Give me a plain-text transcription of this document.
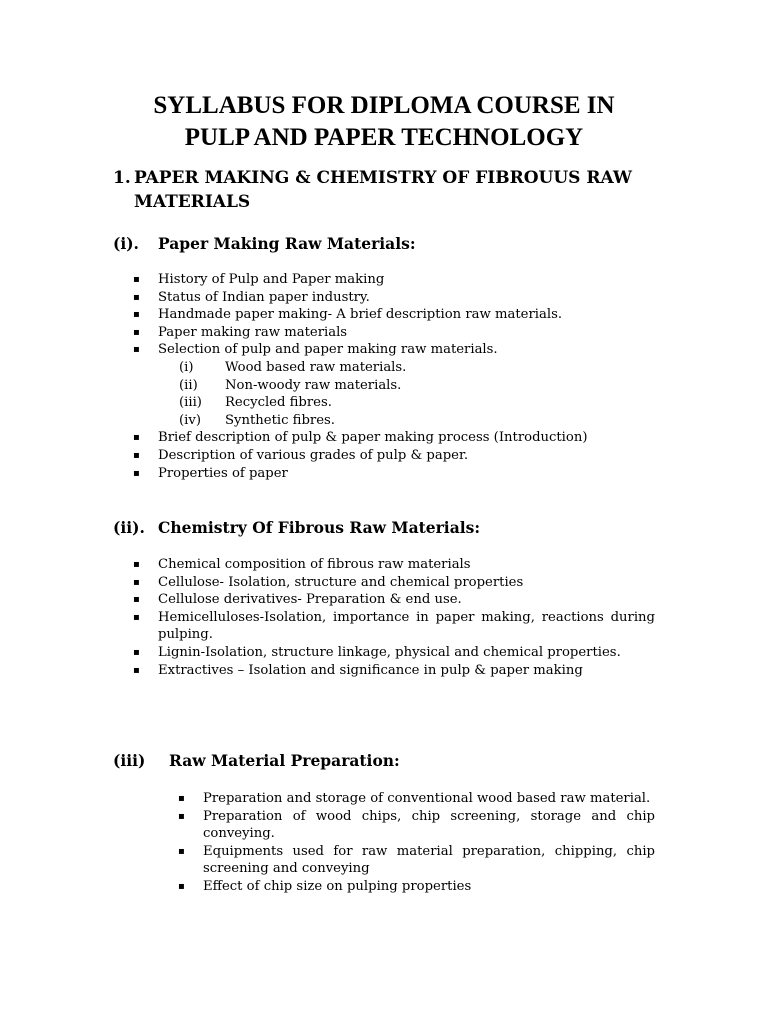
SYLLABUS FOR DIPLOMA COURSE IN
PULP AND PAPER TECHNOLOGY
1. PAPER MAKING & CHEMISTRY OF FIBROUUS RAW MATERIALS
(i). Paper Making Raw Materials:
▪ History of Pulp and Paper making
▪ Status of Indian paper industry.
▪ Handmade paper making- A brief description raw materials.
▪ Paper making raw materials
▪ Selection of pulp and paper making raw materials.
(i) Wood based raw materials.
(ii) Non-woody raw materials.
(iii) Recycled fibres.
(iv) Synthetic fibres.
▪ Brief description of pulp & paper making process (Introduction)
▪ Description of various grades of pulp & paper.
▪ Properties of paper
(ii). Chemistry Of Fibrous Raw Materials:
▪ Chemical composition of fibrous raw materials
▪ Cellulose- Isolation, structure and chemical properties
▪ Cellulose derivatives- Preparation & end use.
▪ Hemicelluloses-Isolation, importance in paper making, reactions during pulping.
▪ Lignin-Isolation, structure linkage, physical and chemical properties.
▪ Extractives – Isolation and significance in pulp & paper making
(iii) Raw Material Preparation:
▪ Preparation and storage of conventional wood based raw material.
▪ Preparation of wood chips, chip screening, storage and chip conveying.
▪ Equipments used for raw material preparation, chipping, chip screening and conveying
▪ Effect of chip size on pulping properties
